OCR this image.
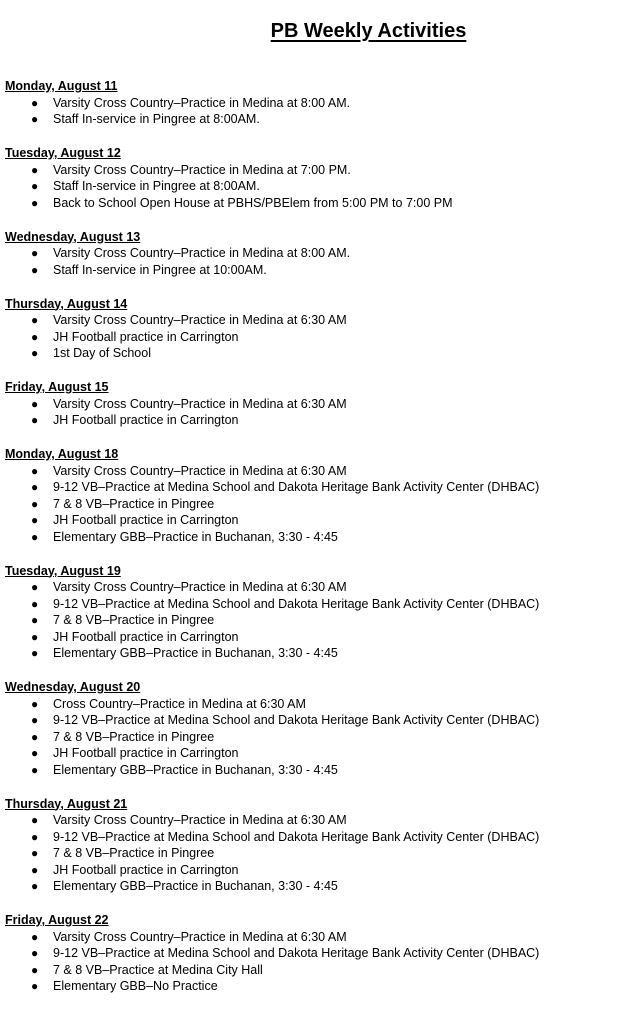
PB Weekly Activities
Monday, August 11
● Varsity Cross Country–Practice in Medina at 8:00 AM.
● Staff In-service in Pingree at 8:00AM.
Tuesday, August 12
● Varsity Cross Country–Practice in Medina at 7:00 PM.
● Staff In-service in Pingree at 8:00AM.
● Back to School Open House at PBHS/PBElem from 5:00 PM to 7:00 PM
Wednesday, August 13
● Varsity Cross Country–Practice in Medina at 8:00 AM.
● Staff In-service in Pingree at 10:00AM.
Thursday, August 14
● Varsity Cross Country–Practice in Medina at 6:30 AM
● JH Football practice in Carrington
● 1st Day of School
Friday, August 15
● Varsity Cross Country–Practice in Medina at 6:30 AM
● JH Football practice in Carrington
Monday, August 18
● Varsity Cross Country–Practice in Medina at 6:30 AM
● 9-12 VB–Practice at Medina School and Dakota Heritage Bank Activity Center (DHBAC)
● 7 & 8 VB–Practice in Pingree
● JH Football practice in Carrington
● Elementary GBB–Practice in Buchanan, 3:30 - 4:45
Tuesday, August 19
● Varsity Cross Country–Practice in Medina at 6:30 AM
● 9-12 VB–Practice at Medina School and Dakota Heritage Bank Activity Center (DHBAC)
● 7 & 8 VB–Practice in Pingree
● JH Football practice in Carrington
● Elementary GBB–Practice in Buchanan, 3:30 - 4:45
Wednesday, August 20
● Cross Country–Practice in Medina at 6:30 AM
● 9-12 VB–Practice at Medina School and Dakota Heritage Bank Activity Center (DHBAC)
● 7 & 8 VB–Practice in Pingree
● JH Football practice in Carrington
● Elementary GBB–Practice in Buchanan, 3:30 - 4:45
Thursday, August 21
● Varsity Cross Country–Practice in Medina at 6:30 AM
● 9-12 VB–Practice at Medina School and Dakota Heritage Bank Activity Center (DHBAC)
● 7 & 8 VB–Practice in Pingree
● JH Football practice in Carrington
● Elementary GBB–Practice in Buchanan, 3:30 - 4:45
Friday, August 22
● Varsity Cross Country–Practice in Medina at 6:30 AM
● 9-12 VB–Practice at Medina School and Dakota Heritage Bank Activity Center (DHBAC)
● 7 & 8 VB–Practice at Medina City Hall
● Elementary GBB–No Practice
